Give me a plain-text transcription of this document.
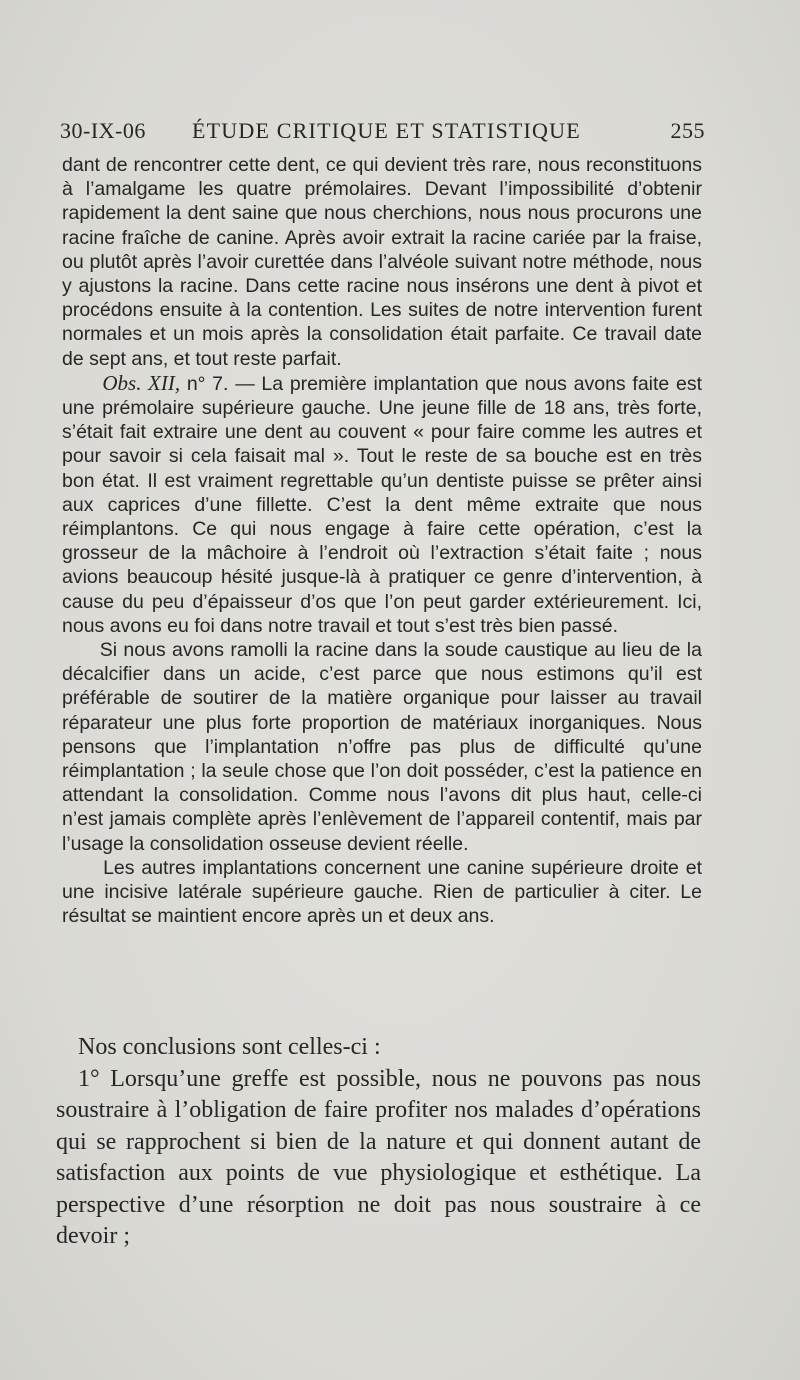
30-IX-06 ÉTUDE CRITIQUE ET STATISTIQUE	255

dant de rencontrer cette dent, ce qui devient très rare, nous reconstituons à l’amalgame les quatre prémolaires. Devant l’impossibilité d’obtenir rapidement la dent saine que nous cherchions, nous nous procurons une racine fraîche de canine. Après avoir extrait la racine cariée par la fraise, ou plutôt après l’avoir curettée dans l’alvéole suivant notre méthode, nous y ajustons la racine. Dans cette racine nous insérons une dent à pivot et procédons ensuite à la contention. Les suites de notre intervention furent normales et un mois après la consolidation était parfaite. Ce travail date de sept ans, et tout reste parfait.

Obs. XII, n° 7. — La première implantation que nous avons faite est une prémolaire supérieure gauche. Une jeune fille de 18 ans, très forte, s’était fait extraire une dent au couvent « pour faire comme les autres et pour savoir si cela faisait mal ». Tout le reste de sa bouche est en très bon état. Il est vraiment regrettable qu’un dentiste puisse se prêter ainsi aux caprices d’une fillette. C’est la dent même extraite que nous réimplantons. Ce qui nous engage à faire cette opération, c’est la grosseur de la mâchoire à l’endroit où l’extraction s’était faite ; nous avions beaucoup hésité jusque-là à pratiquer ce genre d’intervention, à cause du peu d’épaisseur d’os que l’on peut garder extérieurement. Ici, nous avons eu foi dans notre travail et tout s’est très bien passé.

Si nous avons ramolli la racine dans la soude caustique au lieu de la décalcifier dans un acide, c’est parce que nous estimons qu’il est préférable de soutirer de la matière organique pour laisser au travail réparateur une plus forte proportion de matériaux inorganiques. Nous pensons que l’implantation n’offre pas plus de difficulté qu’une réimplantation ; la seule chose que l’on doit posséder, c’est la patience en attendant la consolidation. Comme nous l’avons dit plus haut, celle-ci n’est jamais complète après l’enlèvement de l’appareil contentif, mais par l’usage la consolidation osseuse devient réelle.

Les autres implantations concernent une canine supérieure droite et une incisive latérale supérieure gauche. Rien de particulier à citer. Le résultat se maintient encore après un et deux ans.

Nos conclusions sont celles-ci :

1° Lorsqu’une greffe est possible, nous ne pouvons pas nous soustraire à l’obligation de faire profiter nos malades d’opérations qui se rapprochent si bien de la nature et qui donnent autant de satisfaction aux points de vue physiologique et esthétique. La perspective d’une résorption ne doit pas nous soustraire à ce devoir ;
